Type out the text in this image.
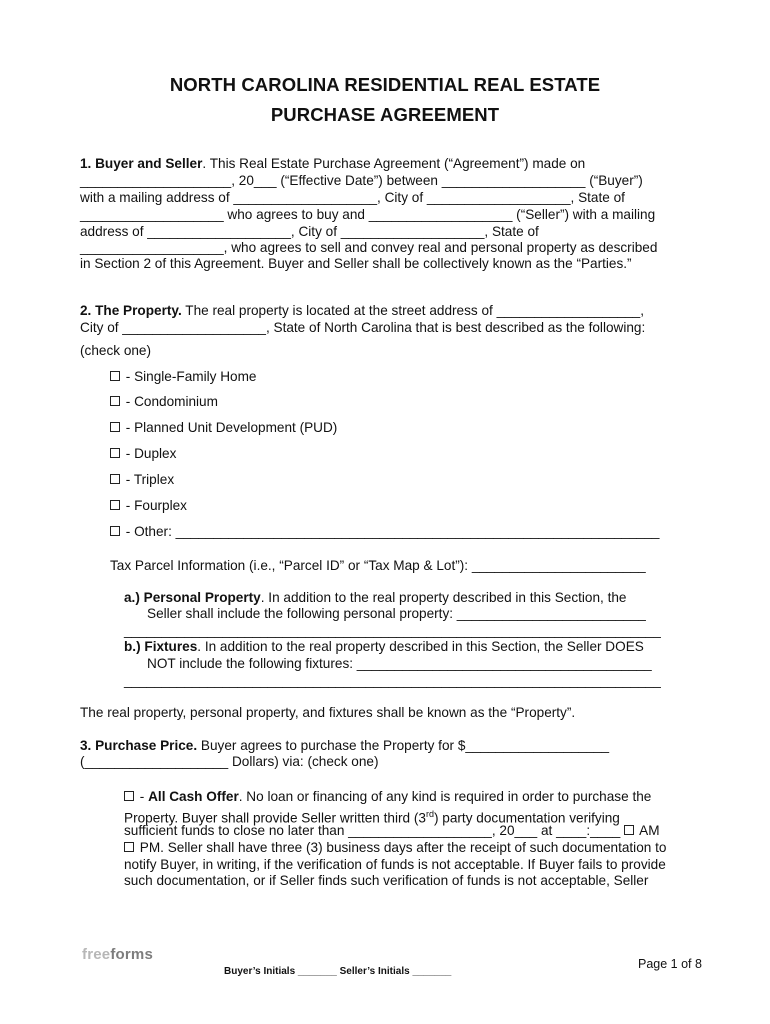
NORTH CAROLINA RESIDENTIAL REAL ESTATE
PURCHASE AGREEMENT
1. Buyer and Seller. This Real Estate Purchase Agreement (“Agreement”) made on
____________________, 20___ (“Effective Date”) between ___________________ (“Buyer”)
with a mailing address of ___________________, City of ___________________, State of
___________________ who agrees to buy and ___________________ (“Seller”) with a mailing
address of ___________________, City of ___________________, State of
___________________, who agrees to sell and convey real and personal property as described
in Section 2 of this Agreement. Buyer and Seller shall be collectively known as the “Parties.”
2. The Property. The real property is located at the street address of ___________________,
City of ___________________, State of North Carolina that is best described as the following:
(check one)
- Single-Family Home
- Condominium
- Planned Unit Development (PUD)
- Duplex
- Triplex
- Fourplex
- Other: ________________________________________________________________
Tax Parcel Information (i.e., “Parcel ID” or “Tax Map & Lot”): _______________________
a.) Personal Property. In addition to the real property described in this Section, the
Seller shall include the following personal property: _________________________
_______________________________________________________________________
b.) Fixtures. In addition to the real property described in this Section, the Seller DOES
NOT include the following fixtures: _______________________________________
_______________________________________________________________________
The real property, personal property, and fixtures shall be known as the “Property”.
3. Purchase Price. Buyer agrees to purchase the Property for $___________________
(___________________ Dollars) via: (check one)
- All Cash Offer. No loan or financing of any kind is required in order to purchase the
Property. Buyer shall provide Seller written third (3rd) party documentation verifying
sufficient funds to close no later than ___________________, 20___ at ____:____  AM
PM. Seller shall have three (3) business days after the receipt of such documentation to
notify Buyer, in writing, if the verification of funds is not acceptable. If Buyer fails to provide
such documentation, or if Seller finds such verification of funds is not acceptable, Seller
freeforms
Buyer’s Initials _______ Seller’s Initials _______
Page 1 of 8
